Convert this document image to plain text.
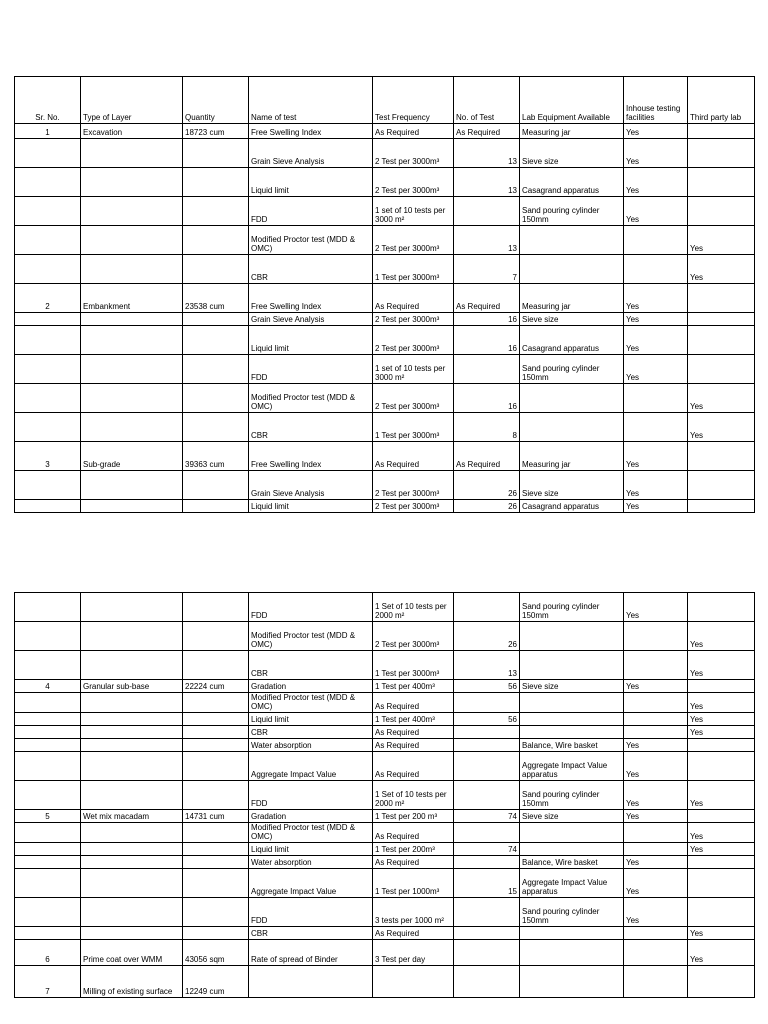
Sr. No.	Type of Layer	Quantity	Name of test	Test Frequency	No. of Test	Lab Equipment Available	Inhouse testing facilities	Third party lab
1	Excavation	18723 cum	Free Swelling Index	As Required	As Required	Measuring jar	Yes	
			Grain Sieve Analysis	2 Test per 3000m³	13	Sieve size	Yes	
			Liquid limit	2 Test per 3000m³	13	Casagrand apparatus	Yes	
			FDD	1 set of 10 tests per 3000 m²		Sand pouring cylinder 150mm	Yes	
			Modified Proctor test (MDD & OMC)	2 Test per 3000m³	13			Yes
			CBR	1 Test per 3000m³	7			Yes
2	Embankment	23538 cum	Free Swelling Index	As Required	As Required	Measuring jar	Yes	
			Grain Sieve Analysis	2 Test per 3000m³	16	Sieve size	Yes	
			Liquid limit	2 Test per 3000m³	16	Casagrand apparatus	Yes	
			FDD	1 set of 10 tests per 3000 m²		Sand pouring cylinder 150mm	Yes	
			Modified Proctor test (MDD & OMC)	2 Test per 3000m³	16			Yes
			CBR	1 Test per 3000m³	8			Yes
3	Sub-grade	39363 cum	Free Swelling Index	As Required	As Required	Measuring jar	Yes	
			Grain Sieve Analysis	2 Test per 3000m³	26	Sieve size	Yes	
			Liquid limit	2 Test per 3000m³	26	Casagrand apparatus	Yes	
			FDD	1 Set of 10 tests per 2000 m²		Sand pouring cylinder 150mm	Yes	
			Modified Proctor test (MDD & OMC)	2 Test per 3000m³	26			Yes
			CBR	1 Test per 3000m³	13			Yes
4	Granular sub-base	22224 cum	Gradation	1 Test per 400m³	56	Sieve size	Yes	
			Modified Proctor test (MDD & OMC)	As Required				Yes
			Liquid limit	1 Test per 400m³	56			Yes
			CBR	As Required				Yes
			Water absorption	As Required		Balance, Wire basket	Yes	
			Aggregate Impact Value	As Required		Aggregate Impact Value apparatus	Yes	
			FDD	1 Set of 10 tests per 2000 m²		Sand pouring cylinder 150mm	Yes	Yes
5	Wet mix macadam	14731 cum	Gradation	1 Test per 200 m³	74	Sieve size	Yes	
			Modified Proctor test (MDD & OMC)	As Required				Yes
			Liquid limit	1 Test per 200m³	74			Yes
			Water absorption	As Required		Balance, Wire basket	Yes	
			Aggregate Impact Value	1 Test per 1000m³	15	Aggregate Impact Value apparatus	Yes	
			FDD	3 tests per 1000 m²		Sand pouring cylinder 150mm	Yes	
			CBR	As Required				Yes
6	Prime coat over WMM	43056 sqm	Rate of spread of Binder	3 Test per day				Yes
7	Milling of existing surface	12249 cum						
